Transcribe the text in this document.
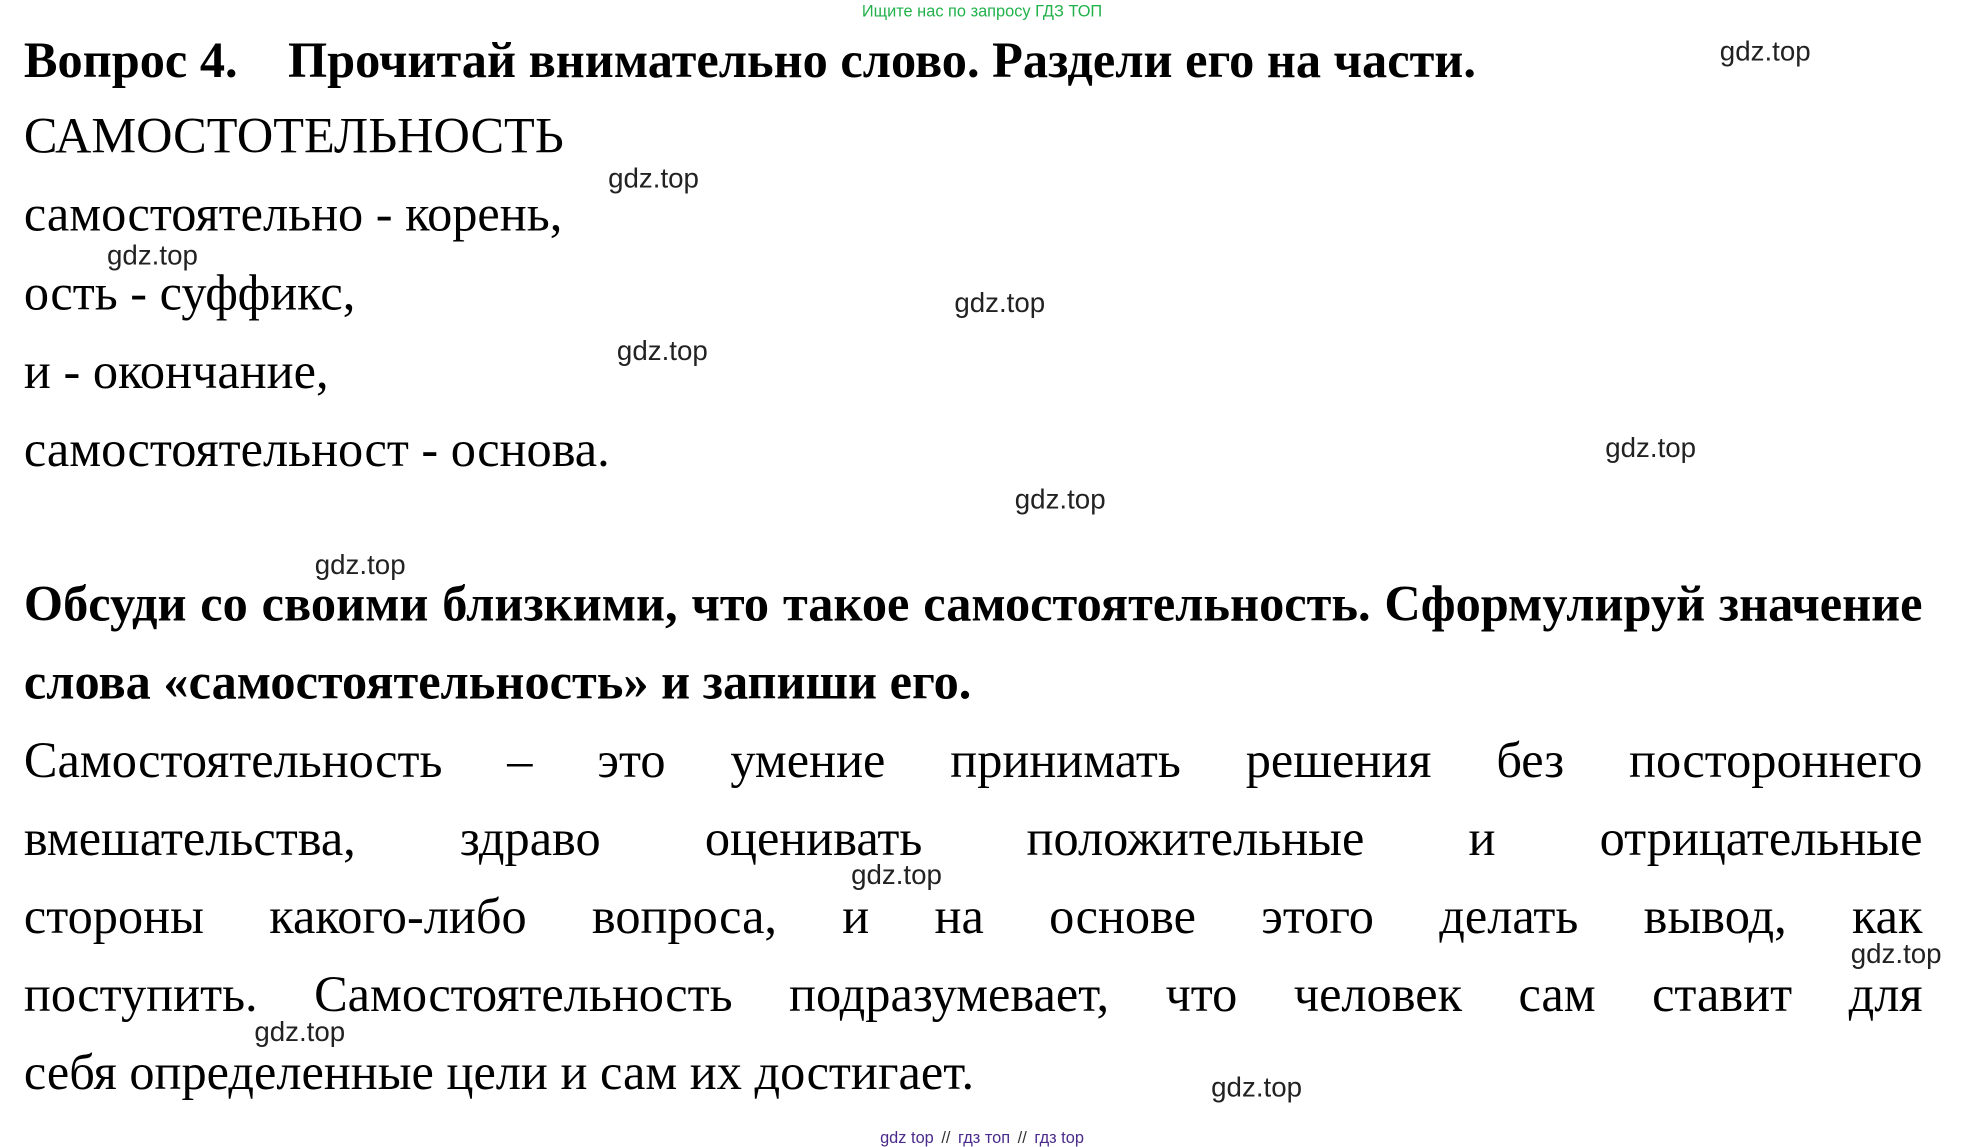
Ищите нас по запросу ГДЗ ТОП
Вопрос 4. Прочитай внимательно слово. Раздели его на части.
САМОСТОТЕЛЬНОСТЬ
самостоятельно - корень,
ость - суффикс,
и - окончание,
самостоятельност - основа.
Обсуди со своими близкими, что такое самостоятельность. Сформулируй значение слова «самостоятельность» и запиши его.
Самостоятельность – это умение принимать решения без постороннего
вмешательства, здраво оценивать положительные и отрицательные
стороны какого-либо вопроса, и на основе этого делать вывод, как
поступить. Самостоятельность подразумевает, что человек сам ставит для
себя определенные цели и сам их достигает.
gdz.top
gdz.top
gdz.top
gdz.top
gdz.top
gdz.top
gdz.top
gdz.top
gdz.top
gdz.top
gdz.top
gdz.top
gdz top // гдз топ // гдз top
